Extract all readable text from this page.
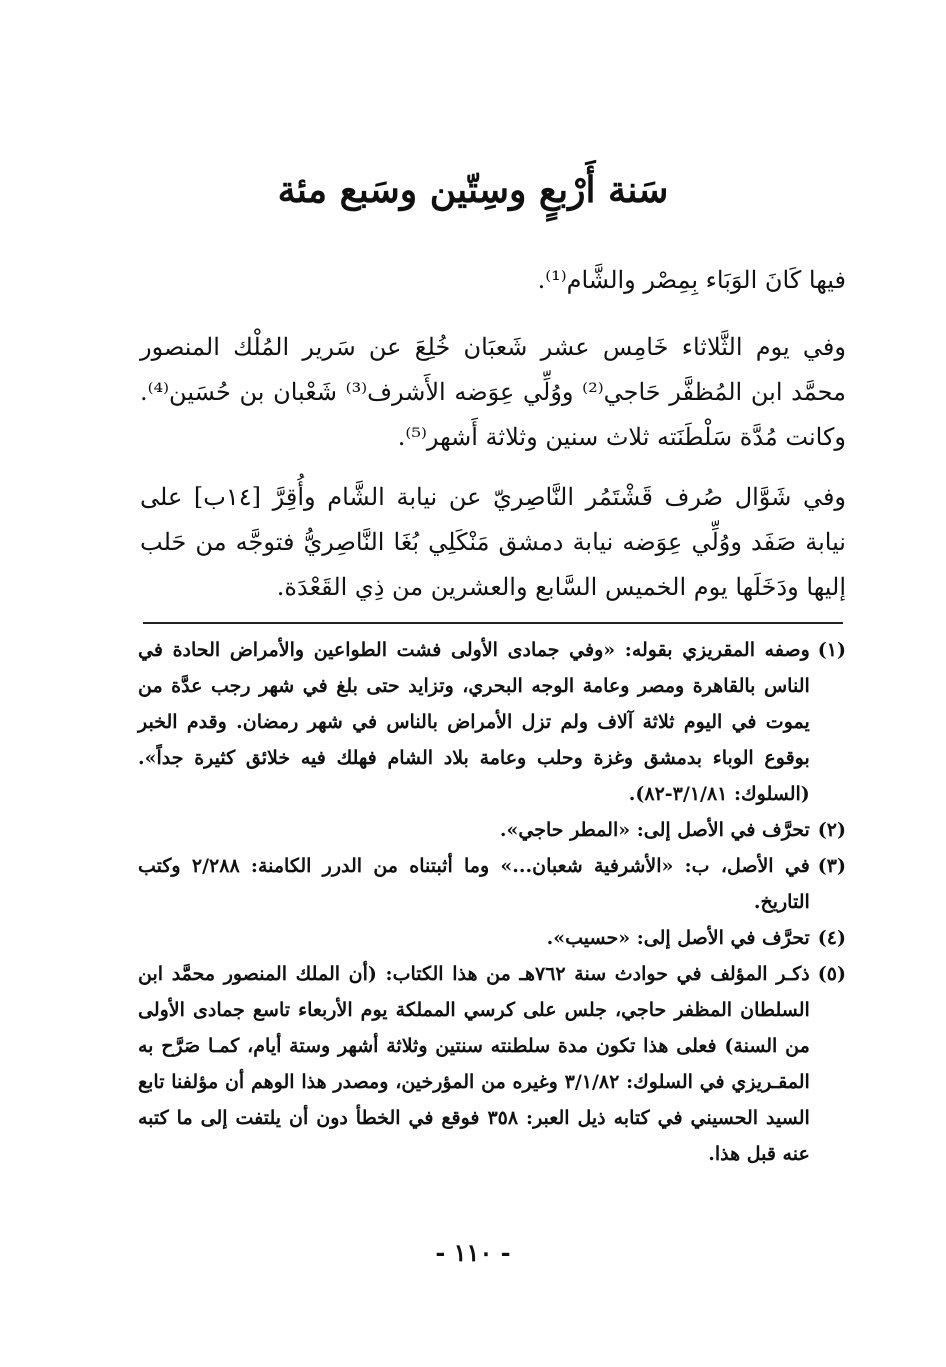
سَنة أَرْبعٍ وسِتّين وسَبع مئة

فيها كَانَ الوَبَاء بِمِصْر والشَّام⁽¹⁾.

وفي يوم الثَّلاثاء خَامِس عشر شَعبَان خُلِعَ عن سَرير المُلْك المنصور محمَّد ابن المُظفَّر حَاجي⁽²⁾ ووُلِّي عِوَضه الأَشرف⁽³⁾ شَعْبان بن حُسَين⁽⁴⁾. وكانت مُدَّة سَلْطَنَته ثلاث سنين وثلاثة أَشهر⁽⁵⁾.

وفي شَوَّال صُرف قَشْتَمُر النَّاصِريّ عن نيابة الشَّام وأُقِرَّ [١٤ب] على نيابة صَفَد ووُلِّي عِوَضه نيابة دمشق مَنْكَلِي بُغَا النَّاصِريُّ فتوجَّه من حَلب إليها ودَخَلَها يوم الخميس السَّابع والعشرين من ذِي القَعْدَة.

(١)
وصفه المقريزي بقوله: «وفي جمادى الأولى فشت الطواعين والأمراض الحادة في الناس بالقاهرة ومصر وعامة الوجه البحري، وتزايد حتى بلغ في شهر رجب عدَّة من يموت في اليوم ثلاثة آلاف ولم تزل الأمراض بالناس في شهر رمضان. وقدم الخبر بوقوع الوباء بدمشق وغزة وحلب وعامة بلاد الشام فهلك فيه خلائق كثيرة جداً». (السلوك: ٣/١/٨١-٨٢).
(٢)
تحرَّف في الأصل إلى: «المطر حاجي».
(٣)
في الأصل، ب: «الأشرفية شعبان...» وما أثبتناه من الدرر الكامنة: ٢/٢٨٨ وكتب التاريخ.
(٤)
تحرَّف في الأصل إلى: «حسيب».
(٥)
ذكـر المؤلف في حوادث سنة ٧٦٢هـ من هذا الكتاب: (أن الملك المنصور محمَّد ابن السلطان المظفر حاجي، جلس على كرسي المملكة يوم الأربعاء تاسع جمادى الأولى من السنة) فعلى هذا تكون مدة سلطنته سنتين وثلاثة أشهر وستة أيام، كمـا صَرَّح به المقـريزي في السلوك: ٣/١/٨٢ وغيره من المؤرخين، ومصدر هذا الوهم أن مؤلفنا تابع السيد الحسيني في كتابه ذيل العبر: ٣٥٨ فوقع في الخطأ دون أن يلتفت إلى ما كتبه عنه قبل هذا.
- ١١٠ -
